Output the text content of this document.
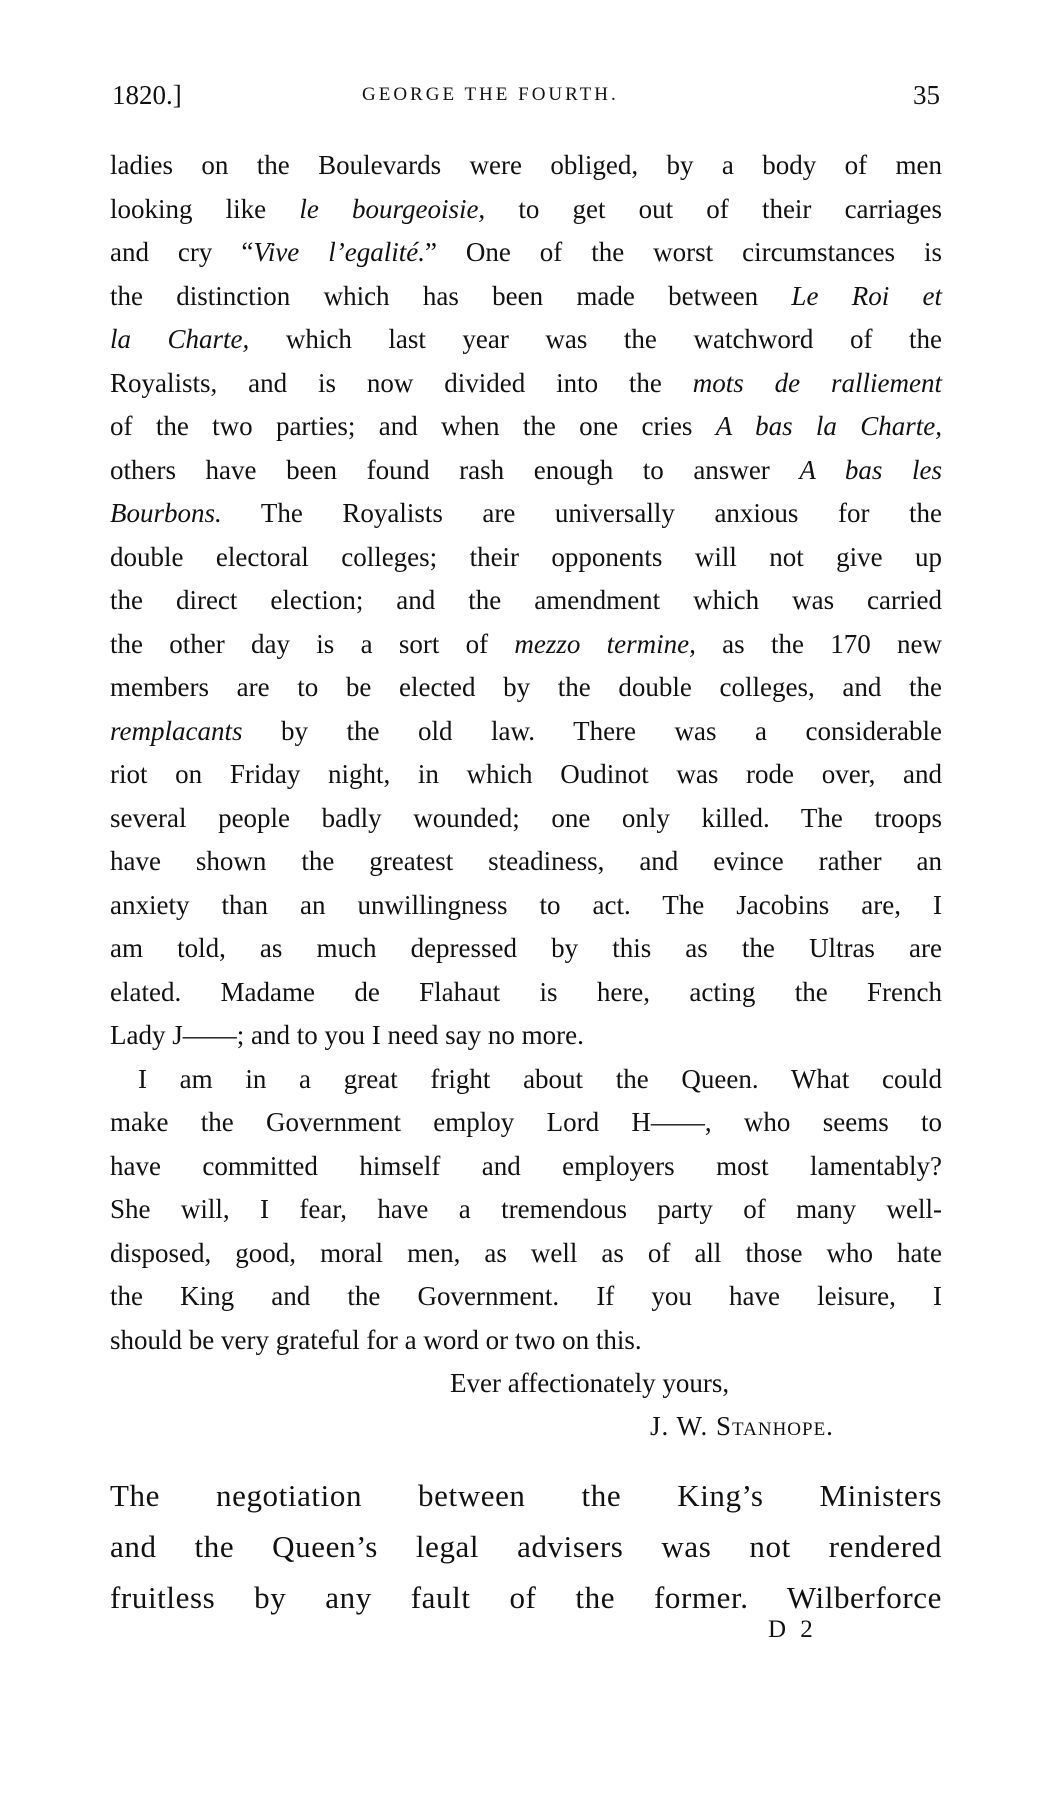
1820.]	GEORGE THE FOURTH.	35
ladies on the Boulevards were obliged, by a body of men
looking like le bourgeoisie, to get out of their carriages
and cry “Vive l’egalité.” One of the worst circumstances is
the distinction which has been made between Le Roi et
la Charte, which last year was the watchword of the
Royalists, and is now divided into the mots de ralliement
of the two parties; and when the one cries A bas la Charte,
others have been found rash enough to answer A bas les
Bourbons. The Royalists are universally anxious for the
double electoral colleges; their opponents will not give up
the direct election; and the amendment which was carried
the other day is a sort of mezzo termine, as the 170 new
members are to be elected by the double colleges, and the
remplacants by the old law. There was a considerable
riot on Friday night, in which Oudinot was rode over, and
several people badly wounded; one only killed. The troops
have shown the greatest steadiness, and evince rather an
anxiety than an unwillingness to act. The Jacobins are, I
am told, as much depressed by this as the Ultras are
elated. Madame de Flahaut is here, acting the French
Lady J——; and to you I need say no more.
I am in a great fright about the Queen. What could
make the Government employ Lord H——, who seems to
have committed himself and employers most lamentably?
She will, I fear, have a tremendous party of many well-
disposed, good, moral men, as well as of all those who hate
the King and the Government. If you have leisure, I
should be very grateful for a word or two on this.
Ever affectionately yours,
J. W. Stanhope.
The negotiation between the King’s Ministers
and the Queen’s legal advisers was not rendered
fruitless by any fault of the former. Wilberforce
D 2
